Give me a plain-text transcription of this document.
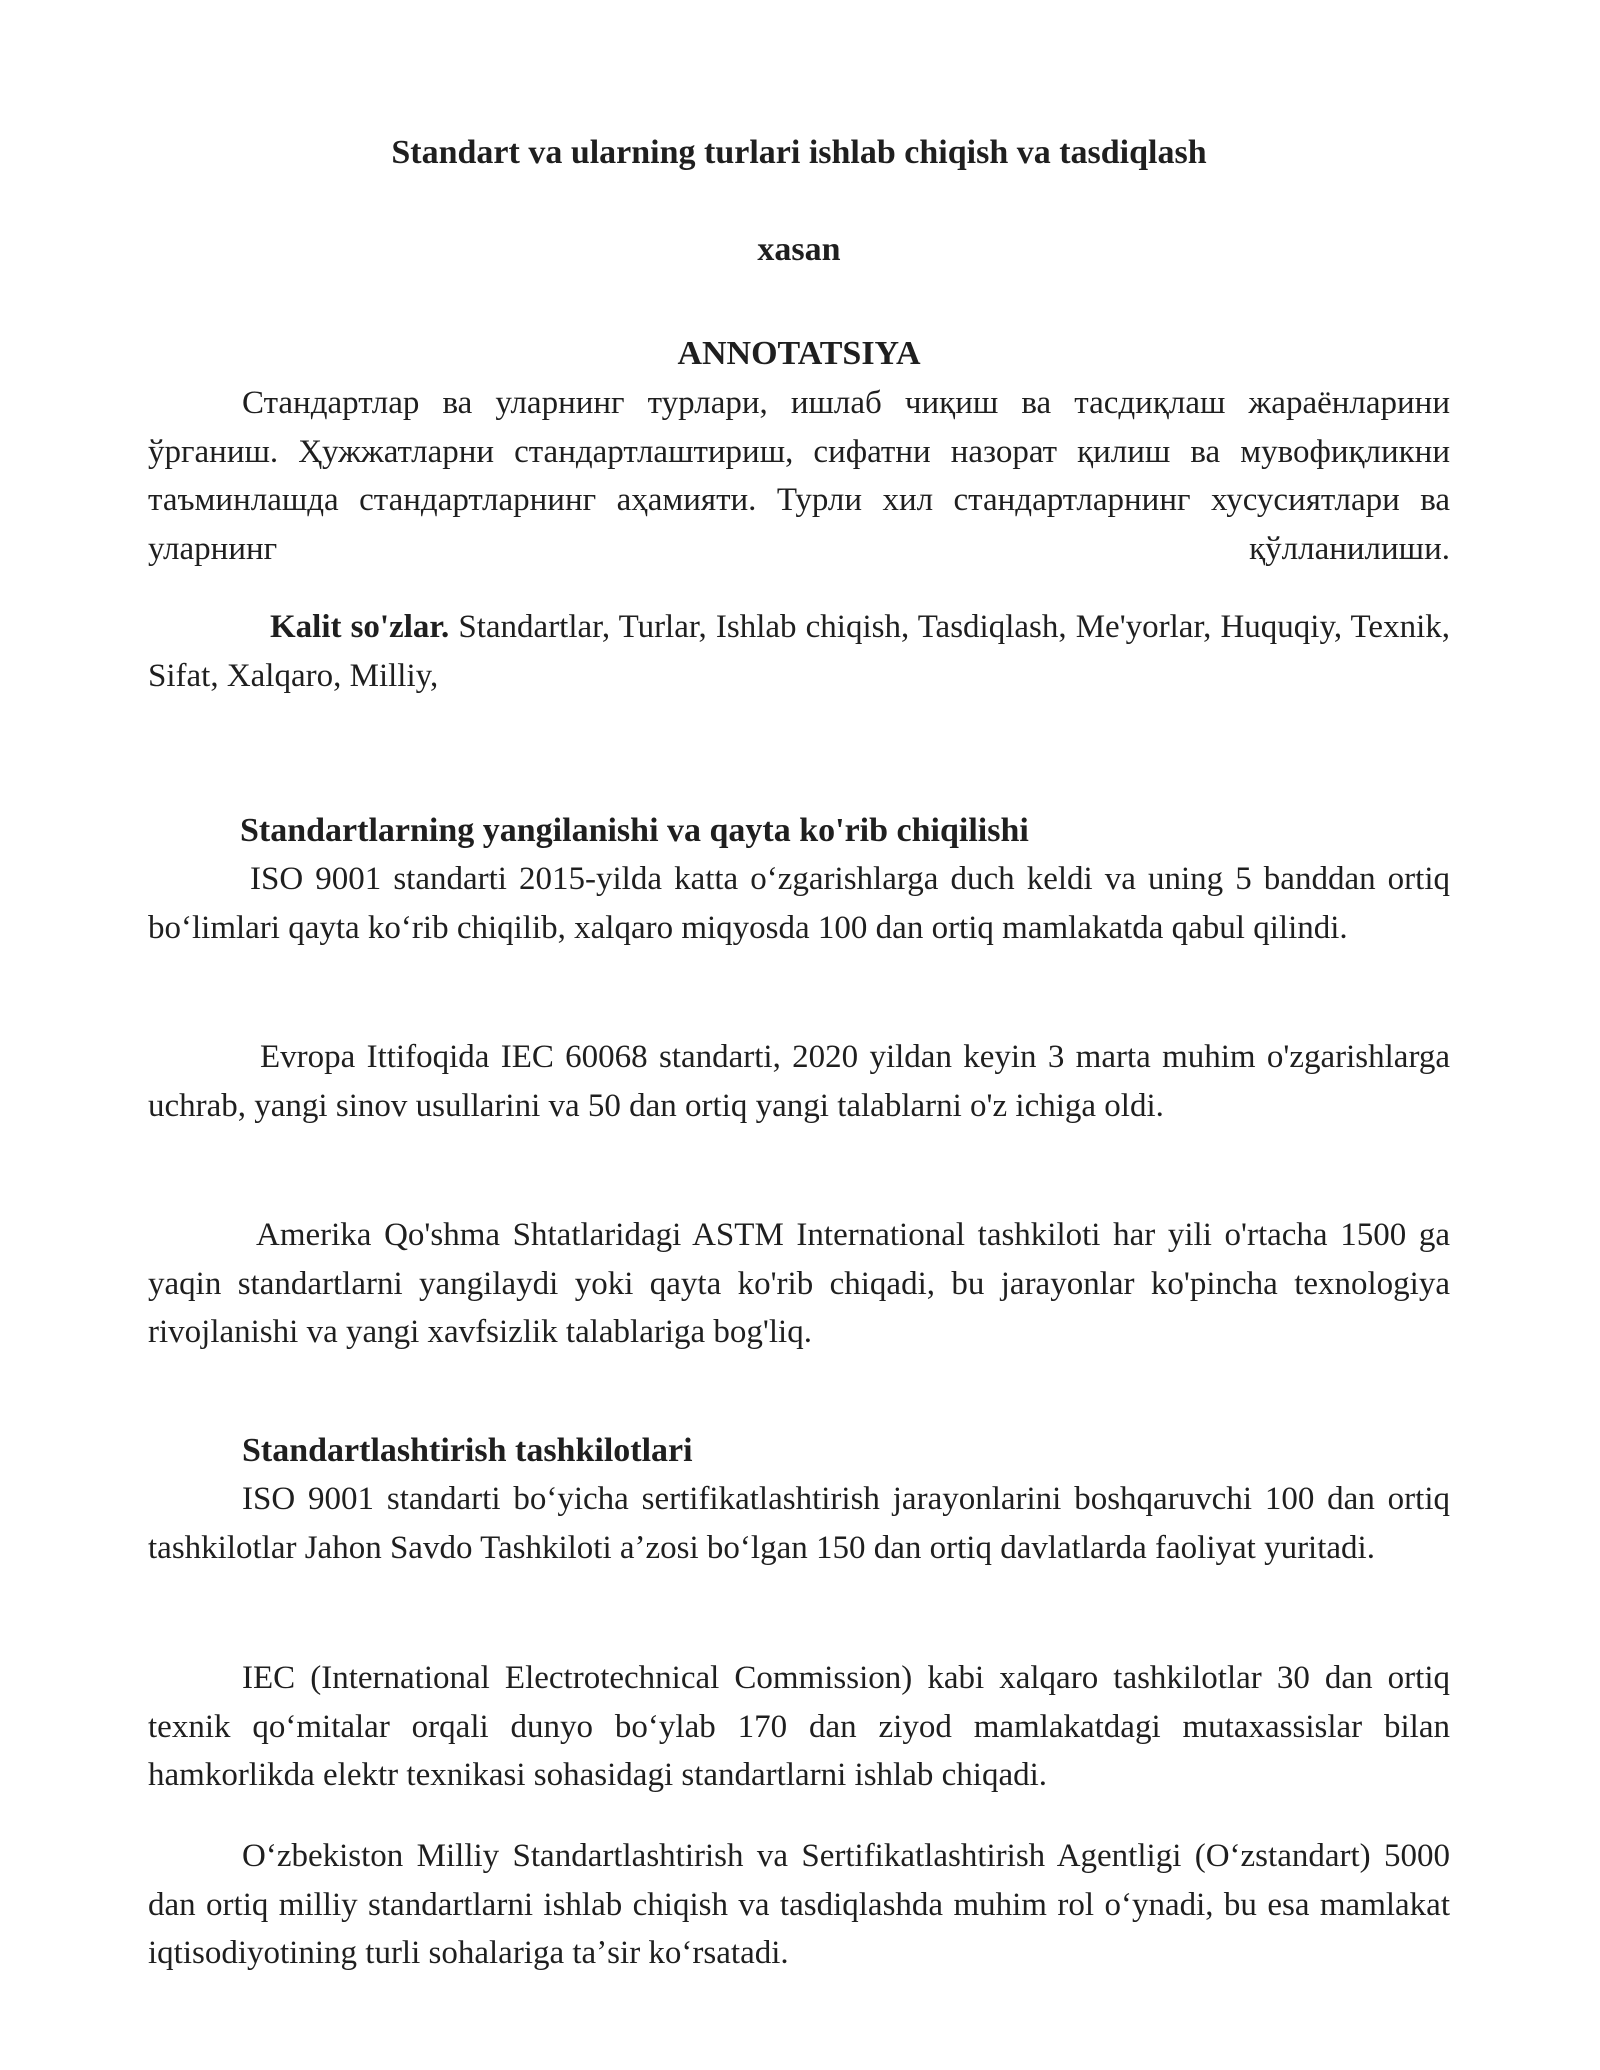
Standart va ularning turlari ishlab chiqish va tasdiqlash
xasan
ANNOTATSIYA

Стандартлар ва уларнинг турлари, ишлаб чиқиш ва тасдиқлаш жараёнларини ўрганиш. Ҳужжатларни стандартлаштириш, сифатни назорат қилиш ва мувофиқликни таъминлашда стандартларнинг аҳамияти. Турли хил стандартларнинг хусусиятлари ва уларнинг қўлланилиши.

Kalit so'zlar. Standartlar, Turlar, Ishlab chiqish, Tasdiqlash, Me'yorlar, Huquqiy, Texnik, Sifat, Xalqaro, Milliy,

Standartlarning yangilanishi va qayta ko'rib chiqilishi

ISO 9001 standarti 2015-yilda katta oʻzgarishlarga duch keldi va uning 5 banddan ortiq boʻlimlari qayta koʻrib chiqilib, xalqaro miqyosda 100 dan ortiq mamlakatda qabul qilindi.

Evropa Ittifoqida IEC 60068 standarti, 2020 yildan keyin 3 marta muhim o'zgarishlarga uchrab, yangi sinov usullarini va 50 dan ortiq yangi talablarni o'z ichiga oldi.

Amerika Qo'shma Shtatlaridagi ASTM International tashkiloti har yili o'rtacha 1500 ga yaqin standartlarni yangilaydi yoki qayta ko'rib chiqadi, bu jarayonlar ko'pincha texnologiya rivojlanishi va yangi xavfsizlik talablariga bog'liq.

Standartlashtirish tashkilotlari

ISO 9001 standarti boʻyicha sertifikatlashtirish jarayonlarini boshqaruvchi 100 dan ortiq tashkilotlar Jahon Savdo Tashkiloti aʼzosi boʻlgan 150 dan ortiq davlatlarda faoliyat yuritadi.

IEC (International Electrotechnical Commission) kabi xalqaro tashkilotlar 30 dan ortiq texnik qoʻmitalar orqali dunyo boʻylab 170 dan ziyod mamlakatdagi mutaxassislar bilan hamkorlikda elektr texnikasi sohasidagi standartlarni ishlab chiqadi.

Oʻzbekiston Milliy Standartlashtirish va Sertifikatlashtirish Agentligi (Oʻzstandart) 5000 dan ortiq milliy standartlarni ishlab chiqish va tasdiqlashda muhim rol oʻynadi, bu esa mamlakat iqtisodiyotining turli sohalariga taʼsir koʻrsatadi.
